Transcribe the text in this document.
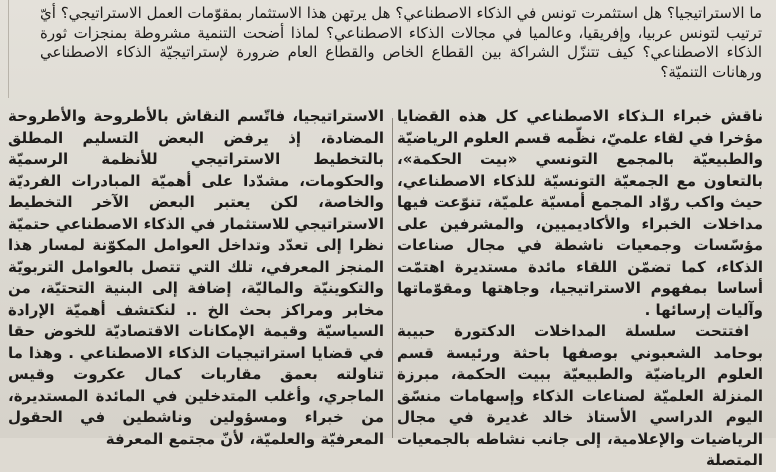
ما الاستراتيجيا؟ هل استثمرت تونس في الذكاء الاصطناعي؟ هل يرتهن هذا الاستثمار بمقوّمات العمل الاستراتيجي؟ أيّ ترتيب لتونس عربيا، وإفريقيا، وعالميا في مجالات الذكاء الاصطناعي؟ لماذا أضحت التنمية مشروطة بمنجزات ثورة الذكاء الاصطناعي؟ كيف تتنزّل الشراكة بين القطاع الخاص والقطاع العام ضرورة لإستراتيجيّة الذكاء الاصطناعي ورهانات التنميّة؟

ناقش خبراء الـذكاء الاصطناعي كل هذه القضايا مؤخرا في لقاء علميّ، نظّمه قسم العلوم الرياضيّة والطبيعيّة بالمجمع التونسي «بيت الحكمة»، بالتعاون مع الجمعيّة التونسيّة للذكاء الاصطناعي، حيث واكب روّاد المجمع أمسيّة علميّة، تنوّعت فيها مداخلات الخبراء والأكاديميين، والمشرفين على مؤسّسات وجمعيات ناشطة في مجال صناعات الذكاء، كما تضمّن اللقاء مائدة مستديرة اهتمّت أساسا بمفهوم الاستراتيجيا، وجاهتها ومقوّماتها وآليات إرسائها .

افتتحت سلسلة المداخلات الدكتورة حبيبة بوحامد الشعبوني بوصفها باحثة ورئيسة قسم العلوم الرياضيّة والطبيعيّة ببيت الحكمة، مبرزة المنزلة العلميّة لصناعات الذكاء وإسهامات منسّق اليوم الدراسي الأستاذ خالد غديرة في مجال الرياضيات والإعلامية، إلى جانب نشاطه بالجمعيات المتصلة

الاستراتيجيا، فاتّسم النقاش بالأطروحة والأطروحة المضادة، إذ يرفض البعض التسليم المطلق بالتخطيط الاستراتيجي للأنظمة الرسميّة والحكومات، مشدّدا على أهميّة المبادرات الفرديّة والخاصة، لكن يعتبر البعض الآخر التخطيط الاستراتيجي للاستثمار في الذكاء الاصطناعي حتميّة نظرا إلى تعدّد وتداخل العوامل المكوّنة لمسار هذا المنجز المعرفي، تلك التي تتصل بالعوامل التربويّة والتكوينيّة والماليّة، إضافة إلى البنية التحتيّة، من مخابر ومراكز بحث الخ .. لنكتشف أهميّة الإرادة السياسيّة وقيمة الإمكانات الاقتصاديّة للخوض حقا في قضايا استراتيجيات الذكاء الاصطناعي . وهذا ما تناولته بعمق مقاربات كمال عكروت وقيس الماجري، وأغلب المتدخلين في المائدة المستديرة، من خبراء ومسؤولين وناشطين في الحقول المعرفيّة والعلميّة، لأنّ مجتمع المعرفة
